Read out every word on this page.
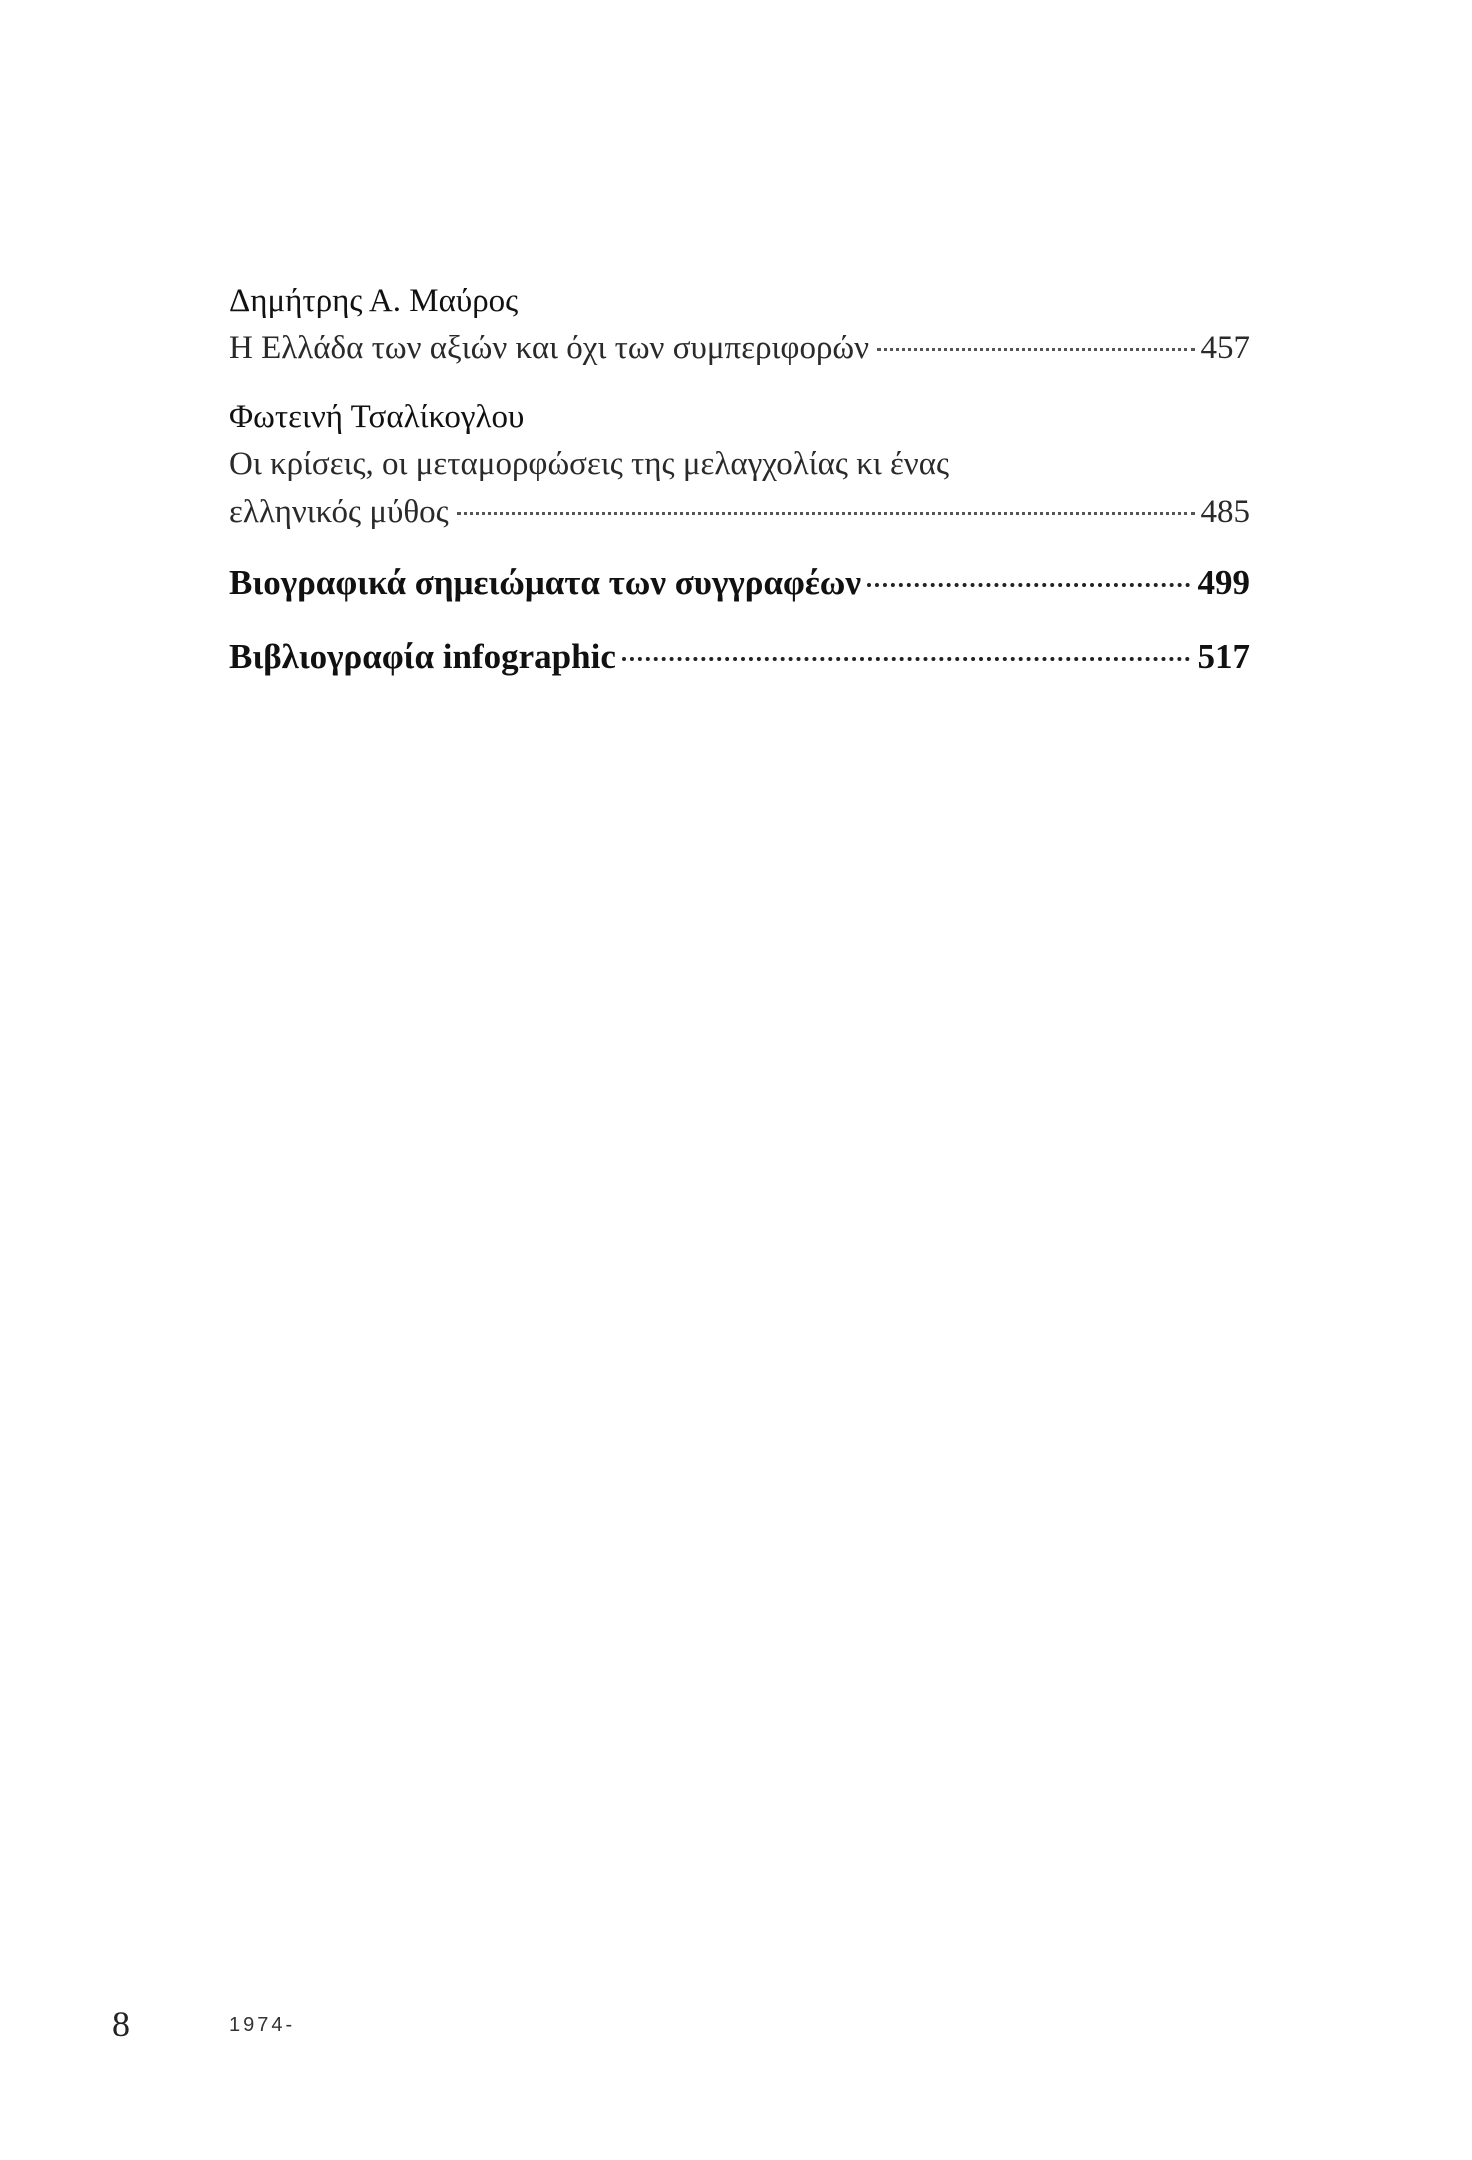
Δημήτρης Α. Μαύρος
Η Ελλάδα των αξιών και όχι των συμπεριφορών	457
Φωτεινή Τσαλίκογλου
Οι κρίσεις, οι μεταμορφώσεις της μελαγχολίας κι ένας
ελληνικός μύθος	485
Βιογραφικά σημειώματα των συγγραφέων	499
Βιβλιογραφία infographic	517
8	1974-
